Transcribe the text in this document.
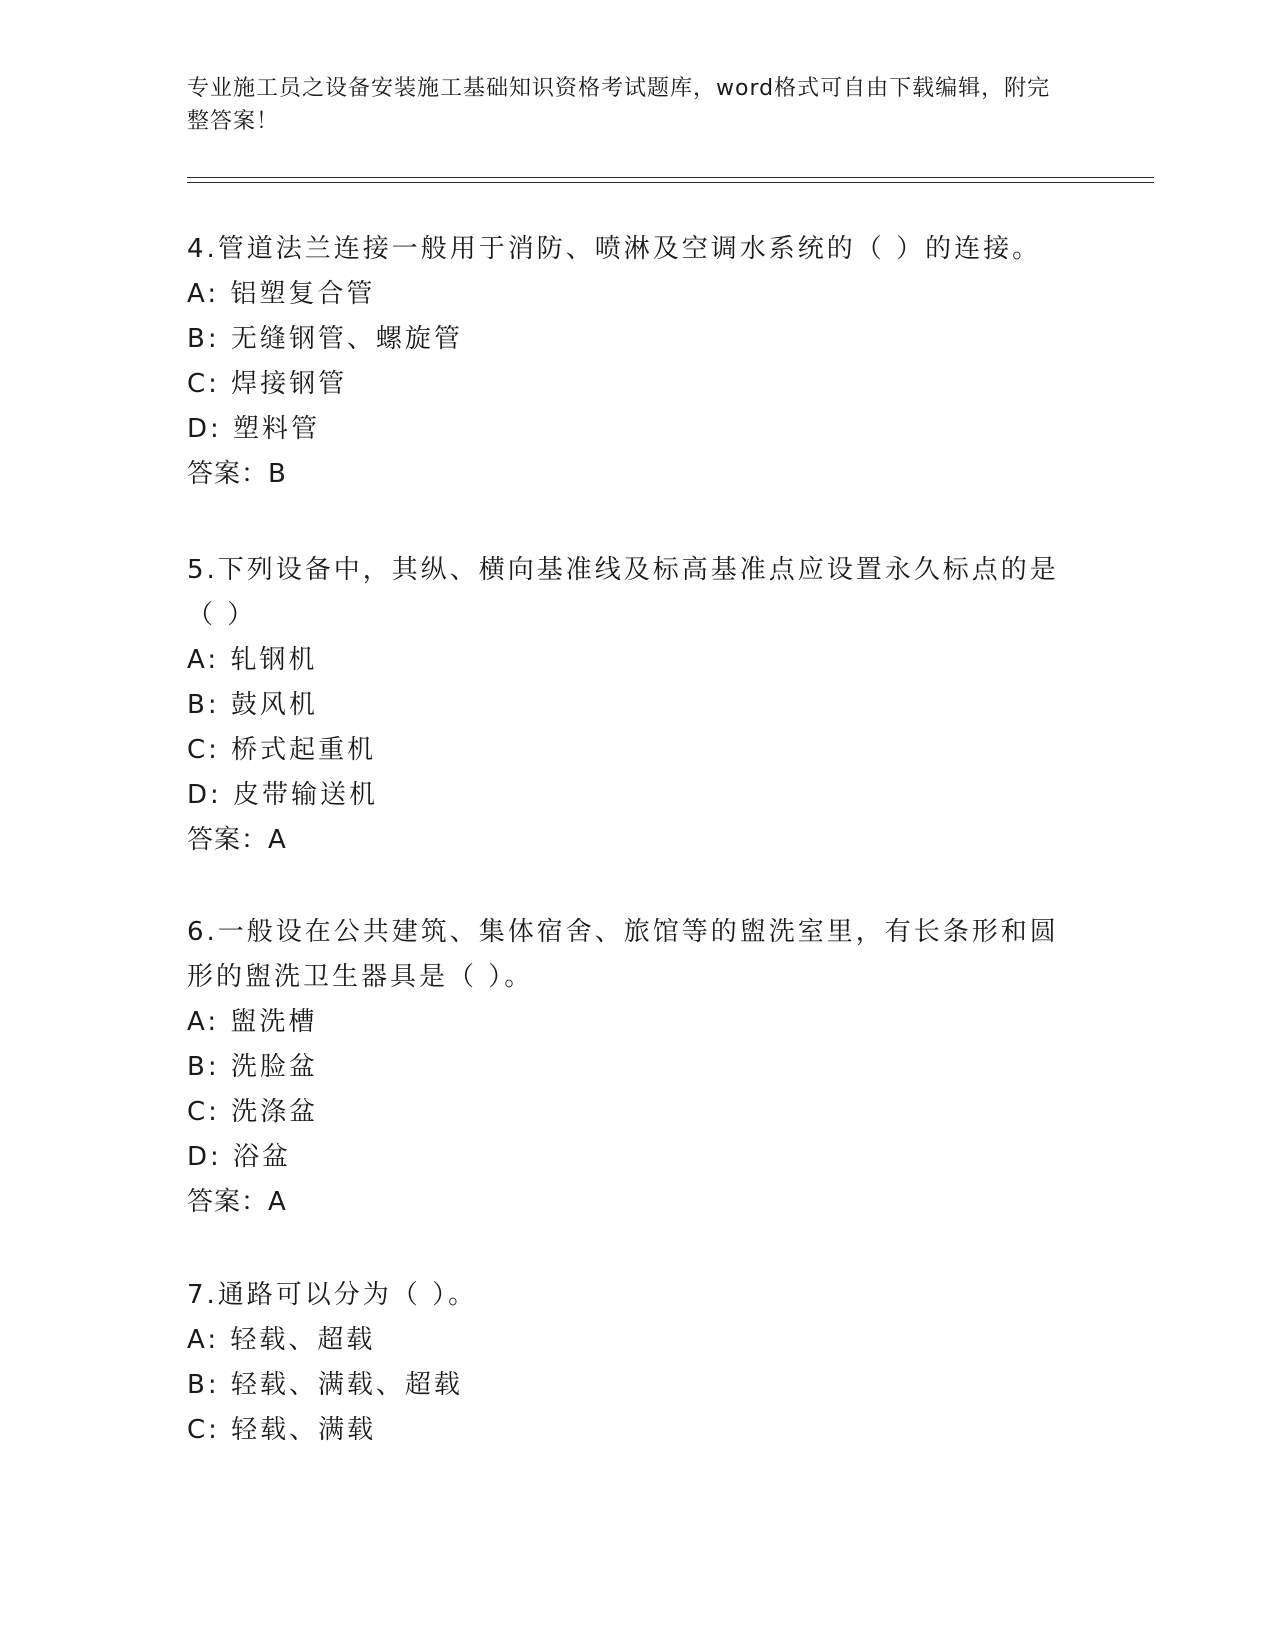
专业施工员之设备安装施工基础知识资格考试题库，word格式可自由下载编辑，附完整答案！
4.管道法兰连接一般用于消防、喷淋及空调水系统的（ ）的连接。
A: 铝塑复合管
B: 无缝钢管、螺旋管
C: 焊接钢管
D: 塑料管
答案：B
5.下列设备中，其纵、横向基准线及标高基准点应设置永久标点的是（ ）
A: 轧钢机
B: 鼓风机
C: 桥式起重机
D: 皮带输送机
答案：A
6.一般设在公共建筑、集体宿舍、旅馆等的盥洗室里，有长条形和圆形的盥洗卫生器具是（ ）。
A: 盥洗槽
B: 洗脸盆
C: 洗涤盆
D: 浴盆
答案：A
7.通路可以分为（ ）。
A: 轻载、超载
B: 轻载、满载、超载
C: 轻载、满载
